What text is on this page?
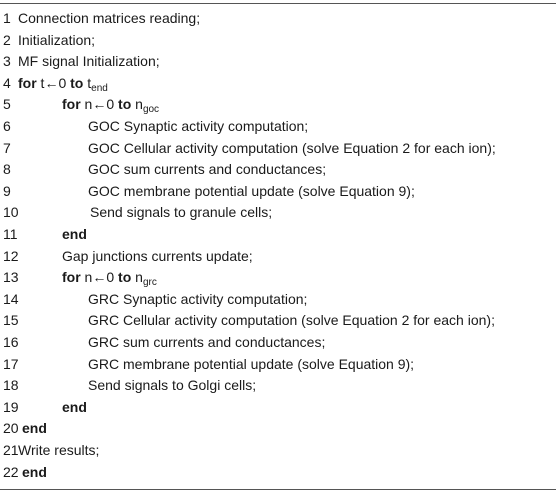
1 Connection matrices reading;
2 Initialization;
3 MF signal Initialization;
4 for t←0 to $t_{end}$
5	for n←0 to $n_{goc}$
6	GOC Synaptic activity computation;
7	GOC Cellular activity computation (solve Equation 2 for each ion);
8	GOC sum currents and conductances;
9	GOC membrane potential update (solve Equation 9);
10	Send signals to granule cells;
11	end
12	Gap junctions currents update;
13	for n←0 to $n_{grc}$
14	GRC Synaptic activity computation;
15	GRC Cellular activity computation (solve Equation 2 for each ion);
16	GRC sum currents and conductances;
17	GRC membrane potential update (solve Equation 9);
18	Send signals to Golgi cells;
19	end
20 end
21 Write results;
22 end
